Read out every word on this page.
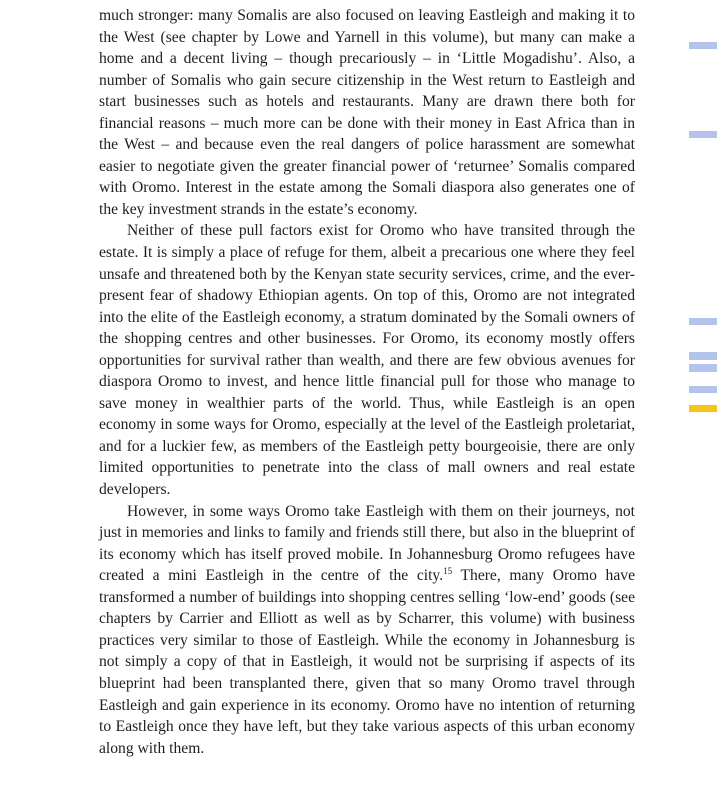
much stronger: many Somalis are also focused on leaving Eastleigh and making it to the West (see chapter by Lowe and Yarnell in this volume), but many can make a home and a decent living – though precariously – in ‘Little Mogadishu’. Also, a number of Somalis who gain secure citizenship in the West return to Eastleigh and start businesses such as hotels and restaurants. Many are drawn there both for financial reasons – much more can be done with their money in East Africa than in the West – and because even the real dangers of police harassment are somewhat easier to negotiate given the greater financial power of ‘returnee’ Somalis compared with Oromo. Interest in the estate among the Somali diaspora also generates one of the key investment strands in the estate’s economy.

Neither of these pull factors exist for Oromo who have transited through the estate. It is simply a place of refuge for them, albeit a precarious one where they feel unsafe and threatened both by the Kenyan state security services, crime, and the ever-present fear of shadowy Ethiopian agents. On top of this, Oromo are not integrated into the elite of the Eastleigh economy, a stratum dominated by the Somali owners of the shopping centres and other businesses. For Oromo, its economy mostly offers opportunities for survival rather than wealth, and there are few obvious avenues for diaspora Oromo to invest, and hence little financial pull for those who manage to save money in wealthier parts of the world. Thus, while Eastleigh is an open economy in some ways for Oromo, especially at the level of the Eastleigh proletariat, and for a luckier few, as members of the Eastleigh petty bourgeoisie, there are only limited opportunities to penetrate into the class of mall owners and real estate developers.

However, in some ways Oromo take Eastleigh with them on their journeys, not just in memories and links to family and friends still there, but also in the blueprint of its economy which has itself proved mobile. In Johannesburg Oromo refugees have created a mini Eastleigh in the centre of the city.$^{15}$ There, many Oromo have transformed a number of buildings into shopping centres selling ‘low-end’ goods (see chapters by Carrier and Elliott as well as by Scharrer, this volume) with business practices very similar to those of Eastleigh. While the economy in Johannesburg is not simply a copy of that in Eastleigh, it would not be surprising if aspects of its blueprint had been transplanted there, given that so many Oromo travel through Eastleigh and gain experience in its economy. Oromo have no intention of returning to Eastleigh once they have left, but they take various aspects of this urban economy along with them.
